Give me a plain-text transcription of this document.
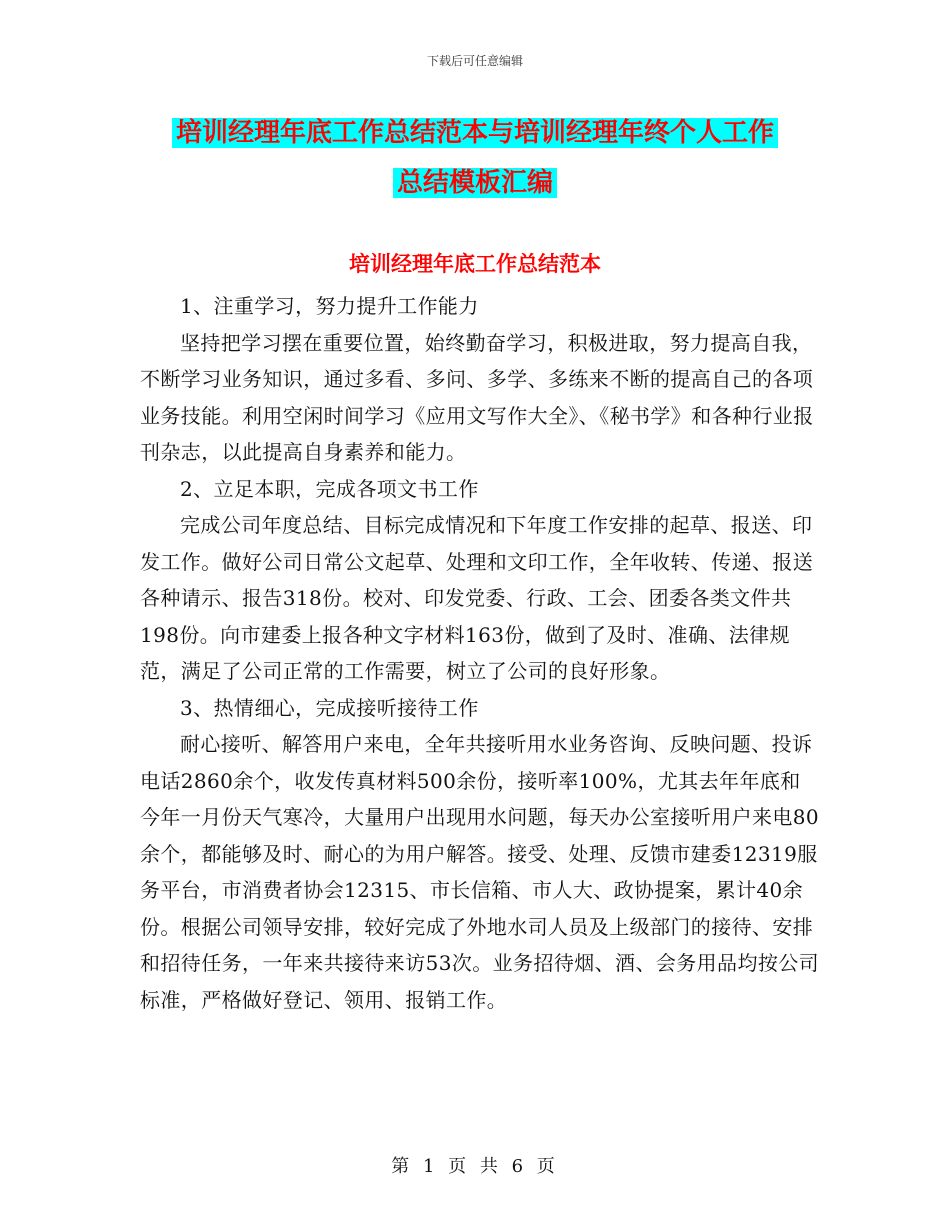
下载后可任意编辑
培训经理年底工作总结范本与培训经理年终个人工作
总结模板汇编
培训经理年底工作总结范本

1、注重学习，努力提升工作能力

坚持把学习摆在重要位置，始终勤奋学习，积极进取，努力提高自我，不断学习业务知识，通过多看、多问、多学、多练来不断的提高自己的各项业务技能。利用空闲时间学习《应用文写作大全》、《秘书学》和各种行业报刊杂志，以此提高自身素养和能力。

2、立足本职，完成各项文书工作

完成公司年度总结、目标完成情况和下年度工作安排的起草、报送、印发工作。做好公司日常公文起草、处理和文印工作，全年收转、传递、报送各种请示、报告318份。校对、印发党委、行政、工会、团委各类文件共198份。向市建委上报各种文字材料163份，做到了及时、准确、法律规范，满足了公司正常的工作需要，树立了公司的良好形象。

3、热情细心，完成接听接待工作

耐心接听、解答用户来电，全年共接听用水业务咨询、反映问题、投诉电话2860余个，收发传真材料500余份，接听率100%，尤其去年年底和今年一月份天气寒冷，大量用户出现用水问题，每天办公室接听用户来电80余个，都能够及时、耐心的为用户解答。接受、处理、反馈市建委12319服务平台，市消费者协会12315、市长信箱、市人大、政协提案，累计40余份。根据公司领导安排，较好完成了外地水司人员及上级部门的接待、安排和招待任务，一年来共接待来访53次。业务招待烟、酒、会务用品均按公司标准，严格做好登记、领用、报销工作。

第 1 页 共 6 页
